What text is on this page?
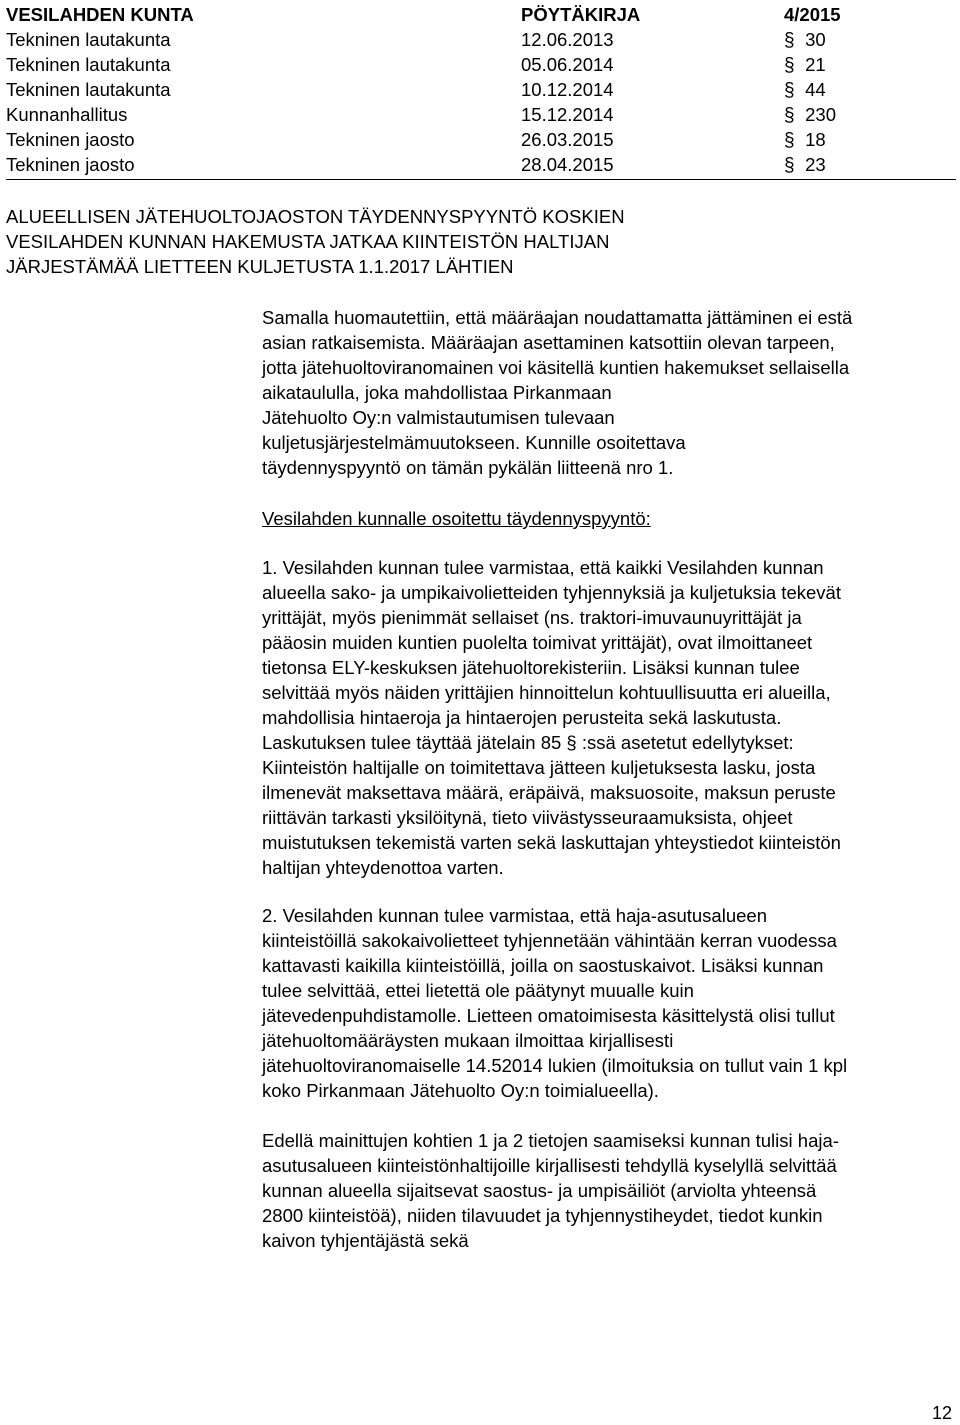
VESILAHDEN KUNTA	PÖYTÄKIRJA	4/2015
Tekninen lautakunta	12.06.2013	§ 30
Tekninen lautakunta	05.06.2014	§ 21
Tekninen lautakunta	10.12.2014	§ 44
Kunnanhallitus	15.12.2014	§ 230
Tekninen jaosto	26.03.2015	§ 18
Tekninen jaosto	28.04.2015	§ 23
ALUEELLISEN JÄTEHUOLTOJAOSTON TÄYDENNYSPYYNTÖ KOSKIEN
VESILAHDEN KUNNAN HAKEMUSTA JATKAA KIINTEISTÖN HALTIJAN
JÄRJESTÄMÄÄ LIETTEEN KULJETUSTA 1.1.2017 LÄHTIEN
Samalla huomautettiin, että määräajan noudattamatta jättäminen ei estä
asian ratkaisemista. Määräajan asettaminen katsottiin olevan tarpeen,
jotta jätehuoltoviranomainen voi käsitellä kuntien hakemukset sellaisella
aikataululla, joka mahdollistaa Pirkanmaan
Jätehuolto Oy:n valmistautumisen tulevaan
kuljetusjärjestelmämuutokseen. Kunnille osoitettava
täydennyspyyntö on tämän pykälän liitteenä nro 1.
Vesilahden kunnalle osoitettu täydennyspyyntö:
1. Vesilahden kunnan tulee varmistaa, että kaikki Vesilahden kunnan
alueella sako- ja umpikaivolietteiden tyhjennyksiä ja kuljetuksia tekevät
yrittäjät, myös pienimmät sellaiset (ns. traktori-imuvaunuyrittäjät ja
pääosin muiden kuntien puolelta toimivat yrittäjät), ovat ilmoittaneet
tietonsa ELY-keskuksen jätehuoltorekisteriin. Lisäksi kunnan tulee
selvittää myös näiden yrittäjien hinnoittelun kohtuullisuutta eri alueilla,
mahdollisia hintaeroja ja hintaerojen perusteita sekä laskutusta.
Laskutuksen tulee täyttää jätelain 85 § :ssä asetetut edellytykset:
Kiinteistön haltijalle on toimitettava jätteen kuljetuksesta lasku, josta
ilmenevät maksettava määrä, eräpäivä, maksuosoite, maksun peruste
riittävän tarkasti yksilöitynä, tieto viivästysseuraamuksista, ohjeet
muistutuksen tekemistä varten sekä laskuttajan yhteystiedot kiinteistön
haltijan yhteydenottoa varten.
2. Vesilahden kunnan tulee varmistaa, että haja-asutusalueen
kiinteistöillä sakokaivolietteet tyhjennetään vähintään kerran vuodessa
kattavasti kaikilla kiinteistöillä, joilla on saostuskaivot. Lisäksi kunnan
tulee selvittää, ettei lietettä ole päätynyt muualle kuin
jätevedenpuhdistamolle. Lietteen omatoimisesta käsittelystä olisi tullut
jätehuoltomääräysten mukaan ilmoittaa kirjallisesti
jätehuoltoviranomaiselle 14.52014 lukien (ilmoituksia on tullut vain 1 kpl
koko Pirkanmaan Jätehuolto Oy:n toimialueella).
Edellä mainittujen kohtien 1 ja 2 tietojen saamiseksi kunnan tulisi haja-
asutusalueen kiinteistönhaltijoille kirjallisesti tehdyllä kyselyllä selvittää
kunnan alueella sijaitsevat saostus- ja umpisäiliöt (arviolta yhteensä
2800 kiinteistöä), niiden tilavuudet ja tyhjennystiheydet, tiedot kunkin
kaivon tyhjentäjästä sekä
12
